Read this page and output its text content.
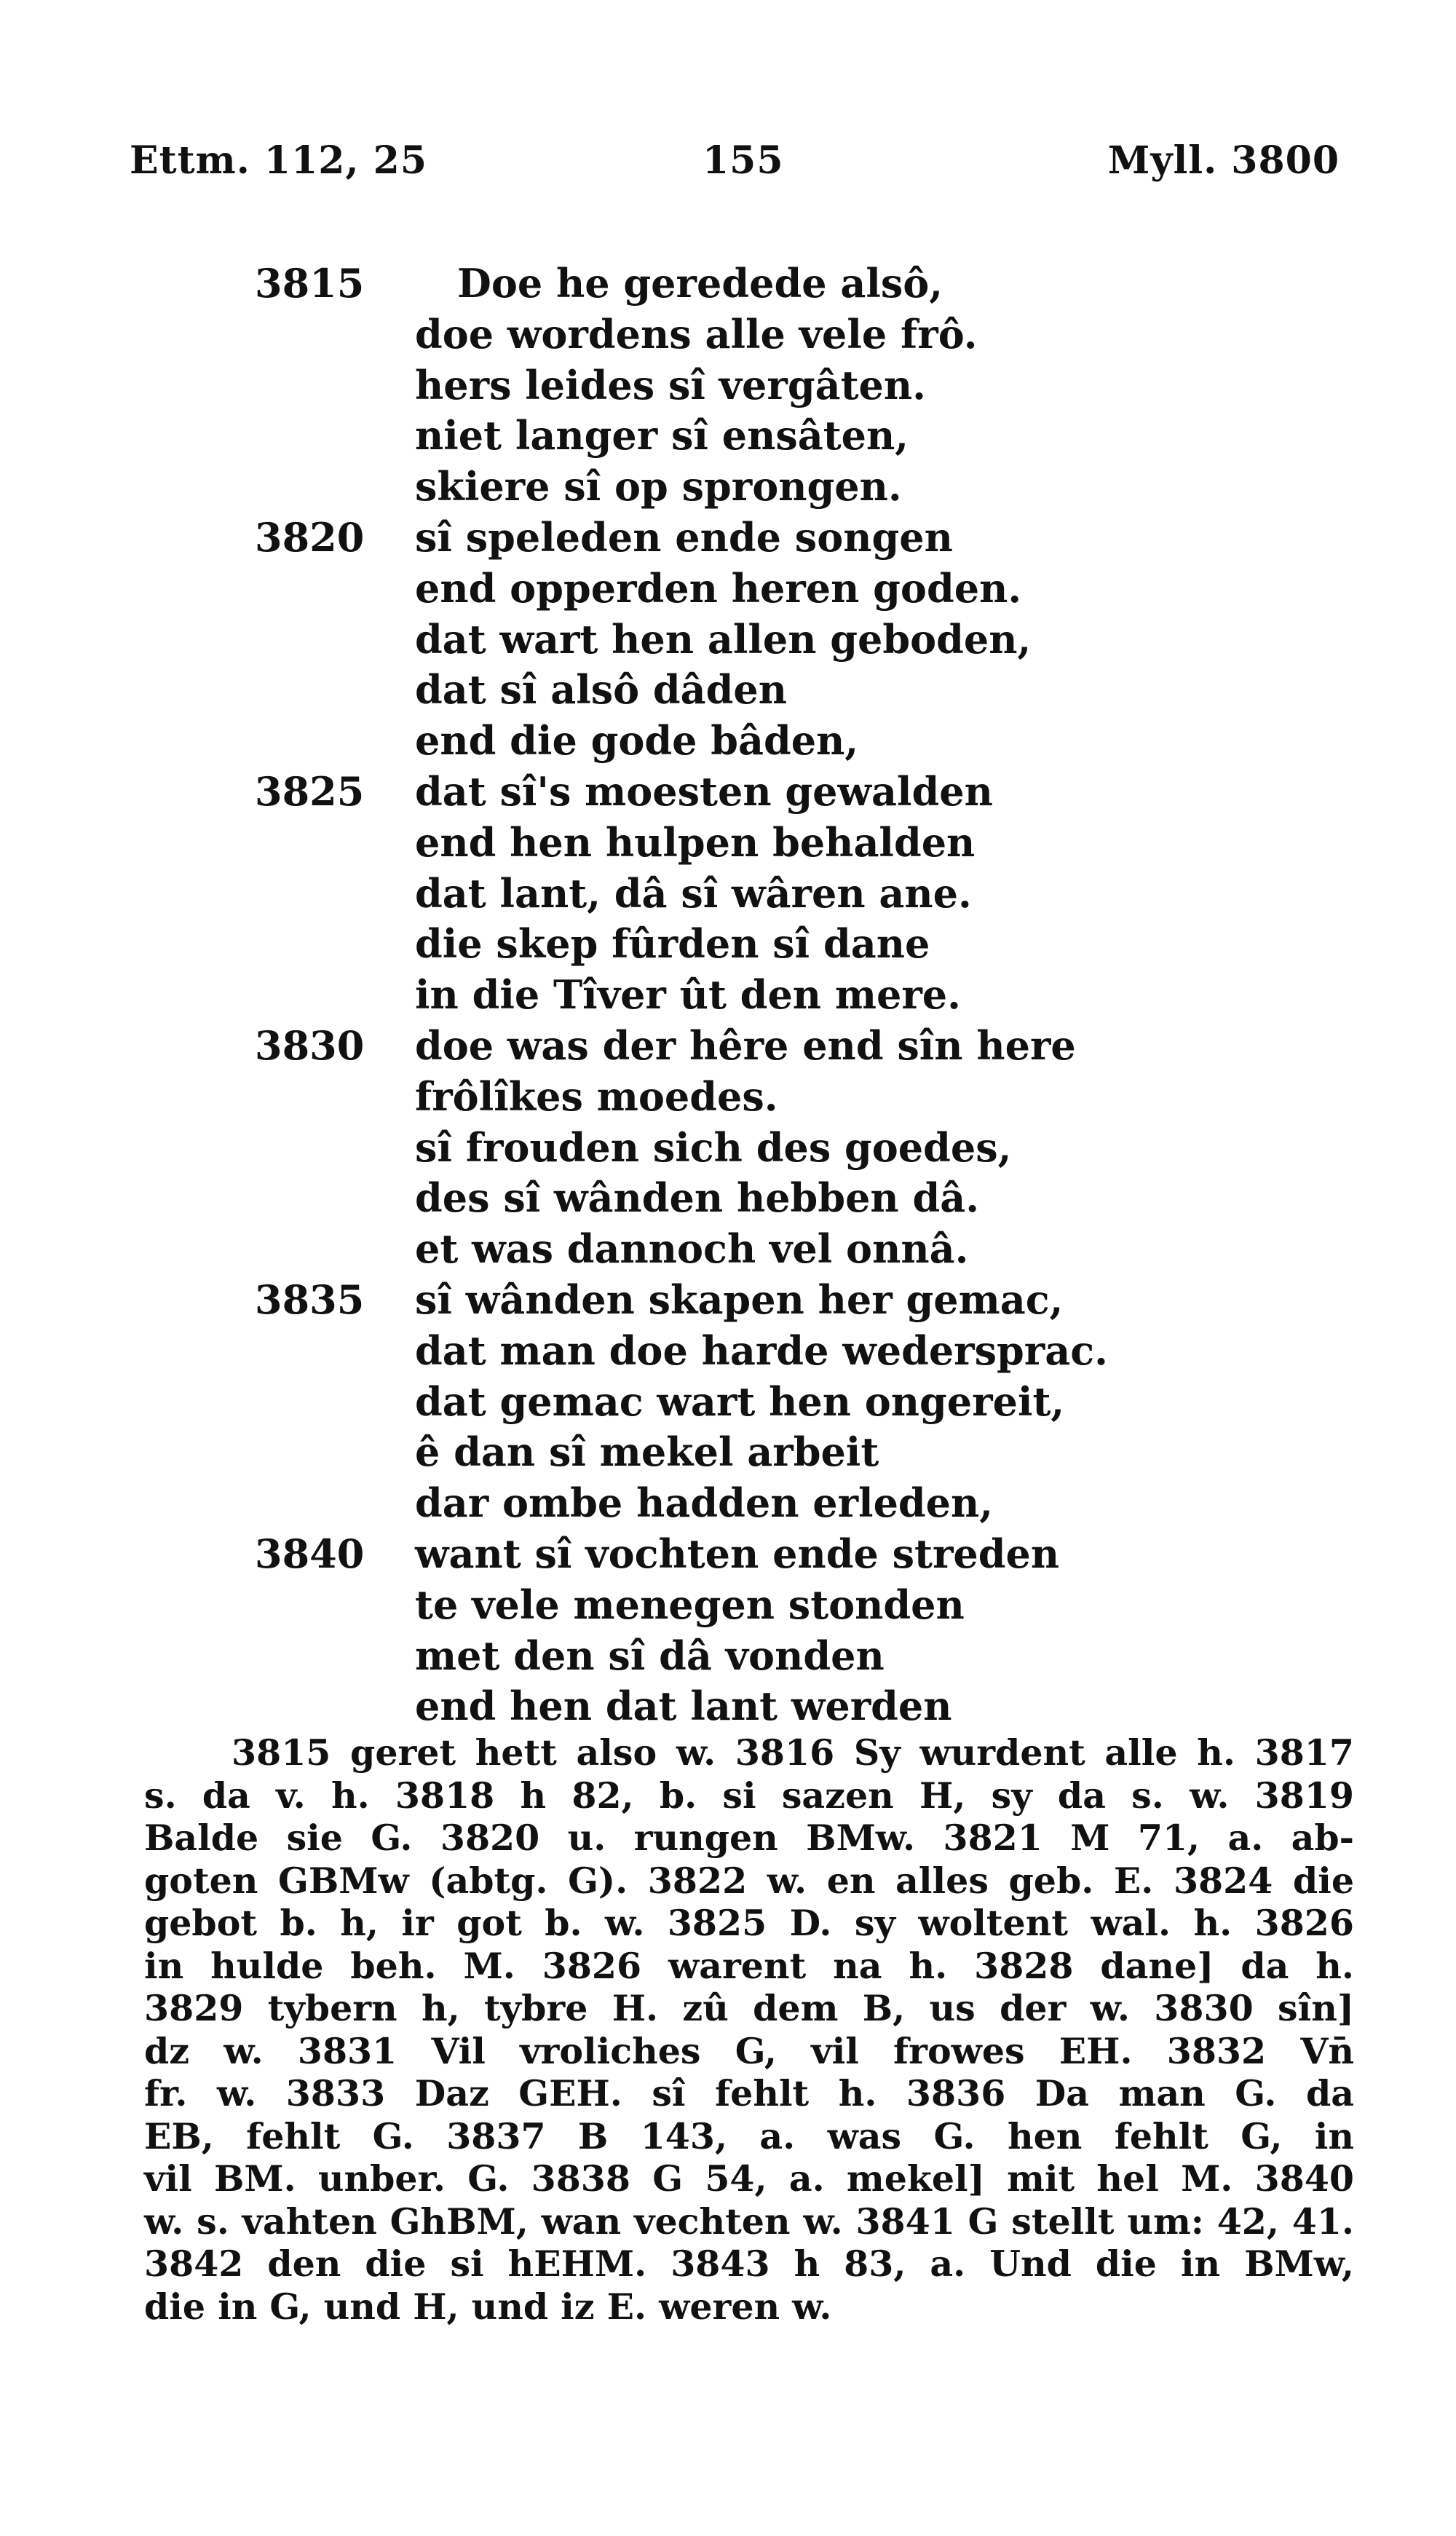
Ettm. 112, 25	155	Myll. 3800
3815 Doe he geredede alsô,
doe wordens alle vele frô.
hers leides sî vergâten.
niet langer sî ensâten,
skiere sî op sprongen.
3820 sî speleden ende songen
end opperden heren goden.
dat wart hen allen geboden,
dat sî alsô dâden
end die gode bâden,
3825 dat sî's moesten gewalden
end hen hulpen behalden
dat lant, dâ sî wâren ane.
die skep fûrden sî dane
in die Tîver ût den mere.
3830 doe was der hêre end sîn here
frôlîkes moedes.
sî frouden sich des goedes,
des sî wânden hebben dâ.
et was dannoch vel onnâ.
3835 sî wânden skapen her gemac,
dat man doe harde wedersprac.
dat gemac wart hen ongereit,
ê dan sî mekel arbeit
dar ombe hadden erleden,
3840 want sî vochten ende streden
te vele menegen stonden
met den sî dâ vonden
end hen dat lant werden
3815 geret hett also w. 3816 Sy wurdent alle h. 3817
s. da v. h. 3818 h 82, b. si sazen H, sy da s. w. 3819
Balde sie G. 3820 u. rungen BMw. 3821 M 71, a. ab-
goten GBMw (abtg. G). 3822 w. en alles geb. E. 3824 die
gebot b. h, ir got b. w. 3825 D. sy woltent wal. h. 3826
in hulde beh. M. 3826 warent na h. 3828 dane] da h.
3829 tybern h, tybre H. zû dem B, us der w. 3830 sîn]
dz w. 3831 Vil vroliches G, vil frowes EH. 3832 Vn̄
fr. w. 3833 Daz GEH. sî fehlt h. 3836 Da man G. da
EB, fehlt G. 3837 B 143, a. was G. hen fehlt G, in
vil BM. unber. G. 3838 G 54, a. mekel] mit hel M. 3840
w. s. vahten GhBM, wan vechten w. 3841 G stellt um: 42, 41.
3842 den die si hEHM. 3843 h 83, a. Und die in BMw,
die in G, und H, und iz E. weren w.
